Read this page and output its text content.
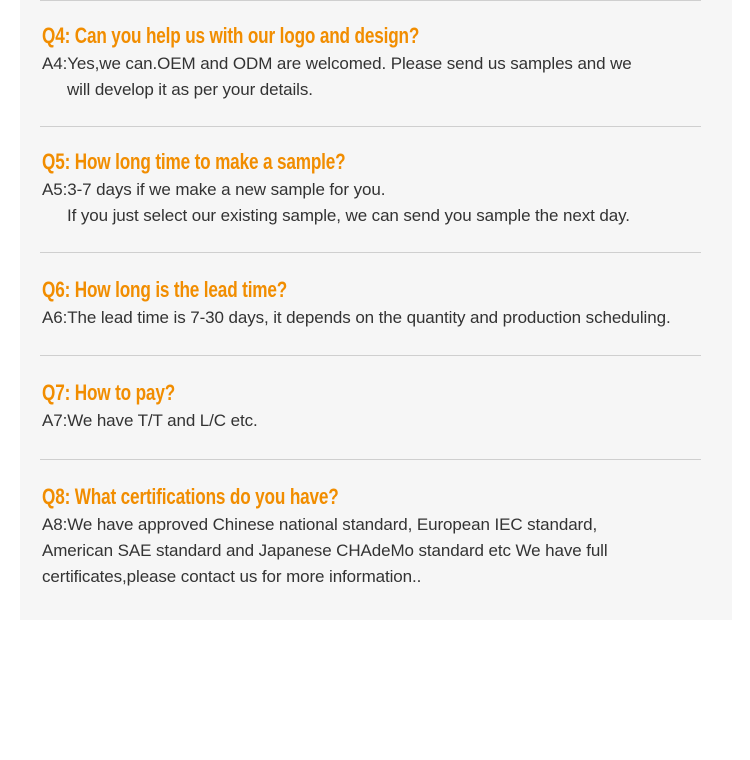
Q4: Can you help us with our logo and design?

A4:Yes,we can.OEM and ODM are welcomed. Please send us samples and we

will develop it as per your details.

Q5: How long time to make a sample?

A5:3-7 days if we make a new sample for you.

If you just select our existing sample, we can send you sample the next day.

Q6: How long is the lead time?

A6:The lead time is 7-30 days, it depends on the quantity and production scheduling.

Q7: How to pay?

A7:We have T/T and L/C etc.

Q8: What certifications do you have?

A8:We have approved Chinese national standard, European IEC standard,

American SAE standard and Japanese CHAdeMo standard etc We have full

certificates,please contact us for more information..
